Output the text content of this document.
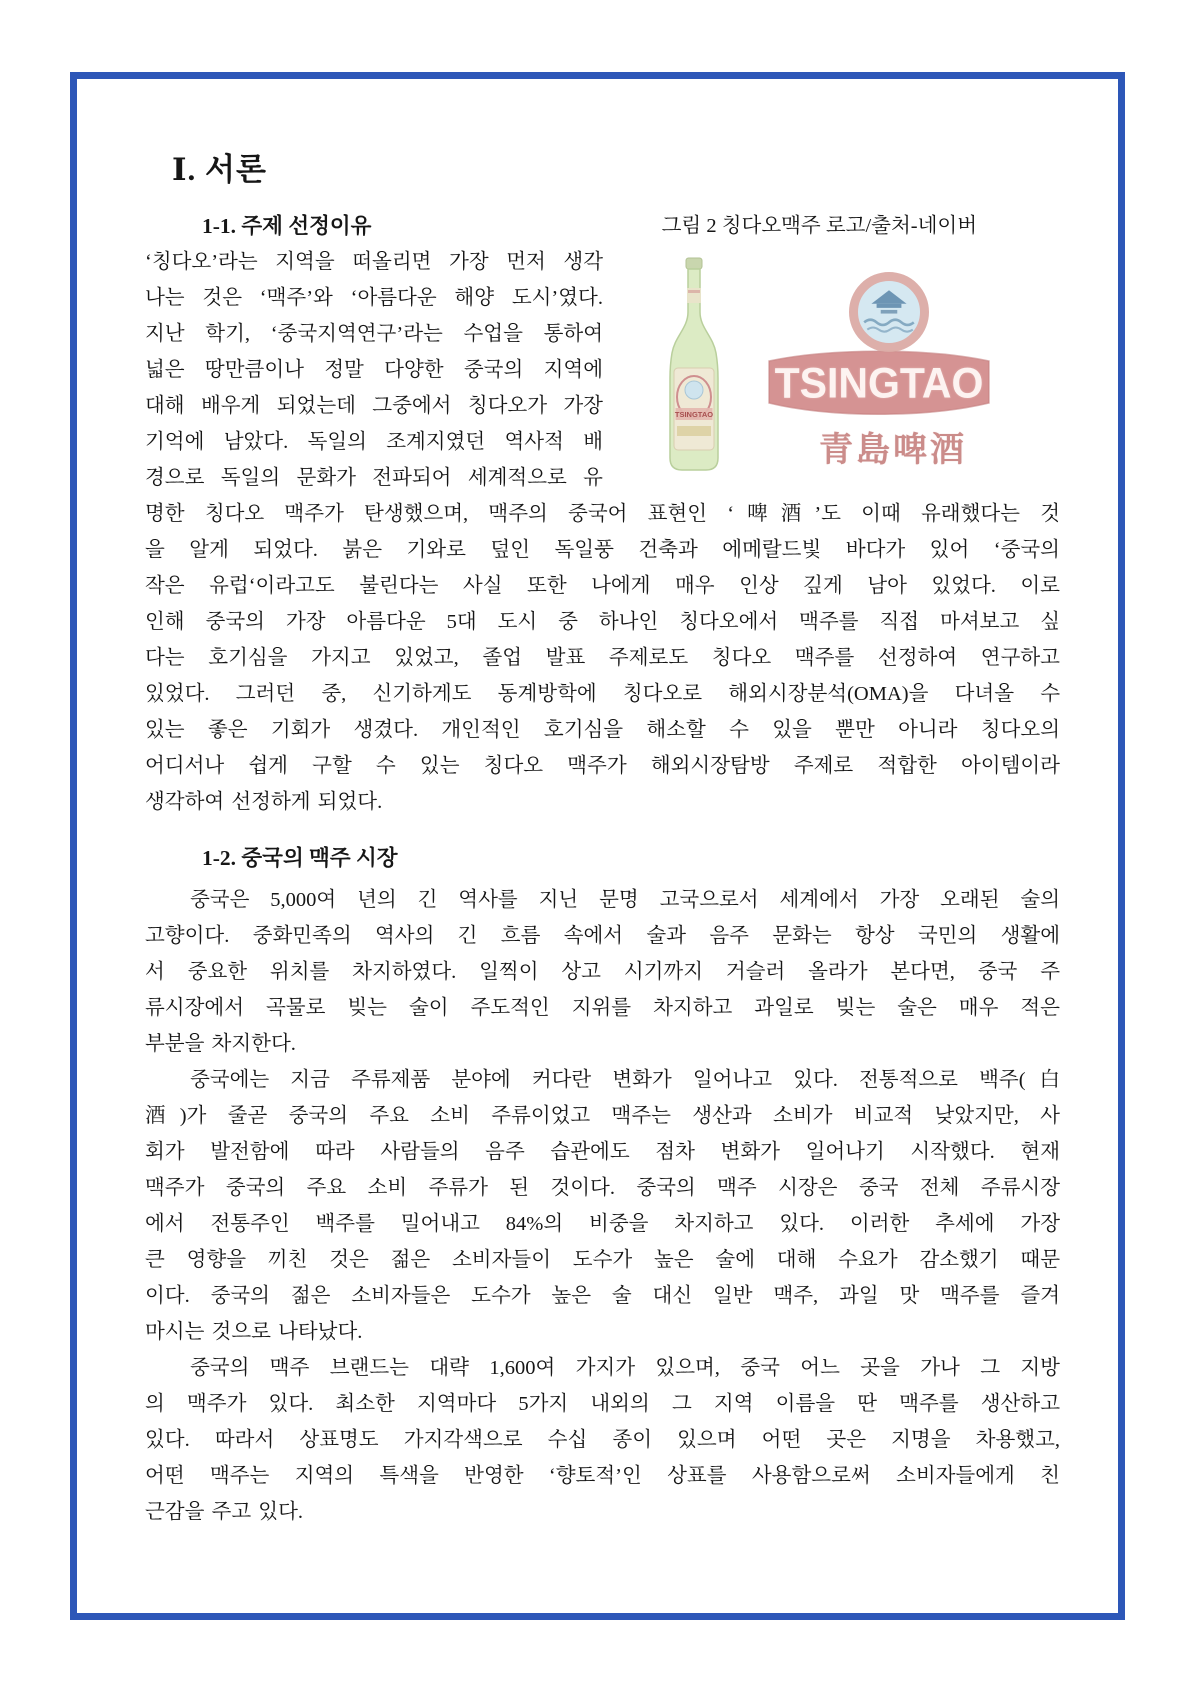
TSINGTAO
TSINGTAO
青島啤酒
Ⅰ. 서론
1-1. 주제 선정이유	그림 2 칭다오맥주 로고/출처-네이버
‘칭다오’라는 지역을 떠올리면 가장 먼저 생각
나는 것은 ‘맥주’와 ‘아름다운 해양 도시’였다.
지난 학기, ‘중국지역연구’라는 수업을 통하여
넓은 땅만큼이나 정말 다양한 중국의 지역에
대해 배우게 되었는데 그중에서 칭다오가 가장
기억에 남았다. 독일의 조계지였던 역사적 배
경으로 독일의 문화가 전파되어 세계적으로 유
명한 칭다오 맥주가 탄생했으며, 맥주의 중국어 표현인 ‘啤酒’도 이때 유래했다는 것
을 알게 되었다. 붉은 기와로 덮인 독일풍 건축과 에메랄드빛 바다가 있어 ‘중국의
작은 유럽‘이라고도 불린다는 사실 또한 나에게 매우 인상 깊게 남아 있었다. 이로
인해 중국의 가장 아름다운 5대 도시 중 하나인 칭다오에서 맥주를 직접 마셔보고 싶
다는 호기심을 가지고 있었고, 졸업 발표 주제로도 칭다오 맥주를 선정하여 연구하고
있었다. 그러던 중, 신기하게도 동계방학에 칭다오로 해외시장분석(OMA)을 다녀올 수
있는 좋은 기회가 생겼다. 개인적인 호기심을 해소할 수 있을 뿐만 아니라 칭다오의
어디서나 쉽게 구할 수 있는 칭다오 맥주가 해외시장탐방 주제로 적합한 아이템이라
생각하여 선정하게 되었다.
1-2. 중국의 맥주 시장
중국은 5,000여 년의 긴 역사를 지닌 문명 고국으로서 세계에서 가장 오래된 술의
고향이다. 중화민족의 역사의 긴 흐름 속에서 술과 음주 문화는 항상 국민의 생활에
서 중요한 위치를 차지하였다. 일찍이 상고 시기까지 거슬러 올라가 본다면, 중국 주
류시장에서 곡물로 빚는 술이 주도적인 지위를 차지하고 과일로 빚는 술은 매우 적은
부분을 차지한다.
중국에는 지금 주류제품 분야에 커다란 변화가 일어나고 있다. 전통적으로 백주(白
酒)가 줄곧 중국의 주요 소비 주류이었고 맥주는 생산과 소비가 비교적 낮았지만, 사
회가 발전함에 따라 사람들의 음주 습관에도 점차 변화가 일어나기 시작했다. 현재
맥주가 중국의 주요 소비 주류가 된 것이다. 중국의 맥주 시장은 중국 전체 주류시장
에서 전통주인 백주를 밀어내고 84%의 비중을 차지하고 있다. 이러한 추세에 가장
큰 영향을 끼친 것은 젊은 소비자들이 도수가 높은 술에 대해 수요가 감소했기 때문
이다. 중국의 젊은 소비자들은 도수가 높은 술 대신 일반 맥주, 과일 맛 맥주를 즐겨
마시는 것으로 나타났다.
중국의 맥주 브랜드는 대략 1,600여 가지가 있으며, 중국 어느 곳을 가나 그 지방
의 맥주가 있다. 최소한 지역마다 5가지 내외의 그 지역 이름을 딴 맥주를 생산하고
있다. 따라서 상표명도 가지각색으로 수십 종이 있으며 어떤 곳은 지명을 차용했고,
어떤 맥주는 지역의 특색을 반영한 ‘향토적’인 상표를 사용함으로써 소비자들에게 친
근감을 주고 있다.
